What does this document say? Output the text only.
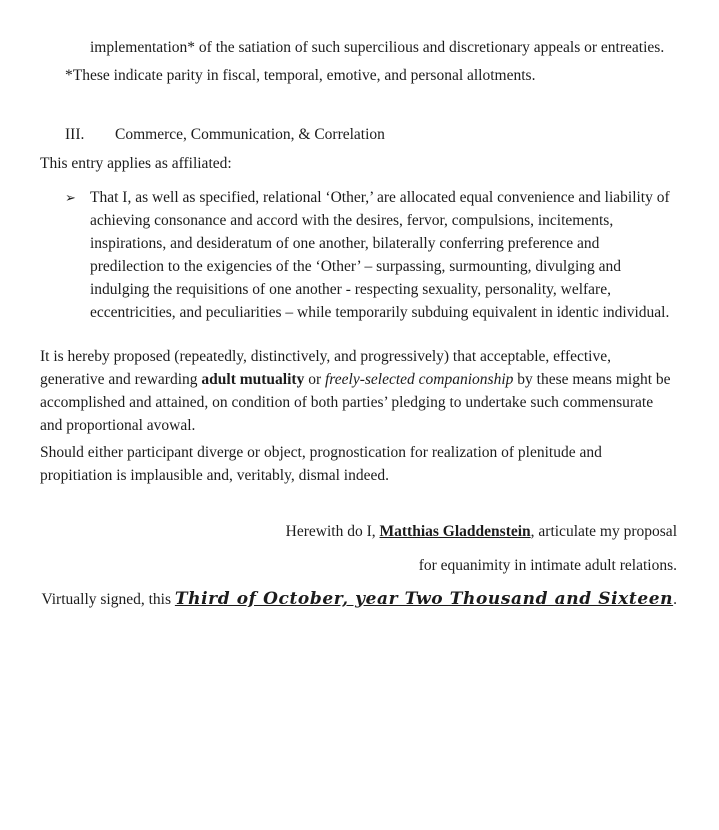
implementation* of the satiation of such supercilious and discretionary appeals or entreaties.

*These indicate parity in fiscal, temporal, emotive, and personal allotments.

III.	Commerce, Communication, & Correlation

This entry applies as affiliated:

➢ That I, as well as specified, relational ‘Other,’ are allocated equal convenience and liability of achieving consonance and accord with the desires, fervor, compulsions, incitements, inspirations, and desideratum of one another, bilaterally conferring preference and predilection to the exigencies of the ‘Other’ – surpassing, surmounting, divulging and indulging the requisitions of one another - respecting sexuality, personality, welfare, eccentricities, and peculiarities – while temporarily subduing equivalent in identic individual.

It is hereby proposed (repeatedly, distinctively, and progressively) that acceptable, effective, generative and rewarding adult mutuality or freely-selected companionship by these means might be accomplished and attained, on condition of both parties’ pledging to undertake such commensurate and proportional avowal.

Should either participant diverge or object, prognostication for realization of plenitude and propitiation is implausible and, veritably, dismal indeed.

Herewith do I, Matthias Gladdenstein, articulate my proposal

for equanimity in intimate adult relations.

Virtually signed, this Third of October, year Two Thousand and Sixteen.
